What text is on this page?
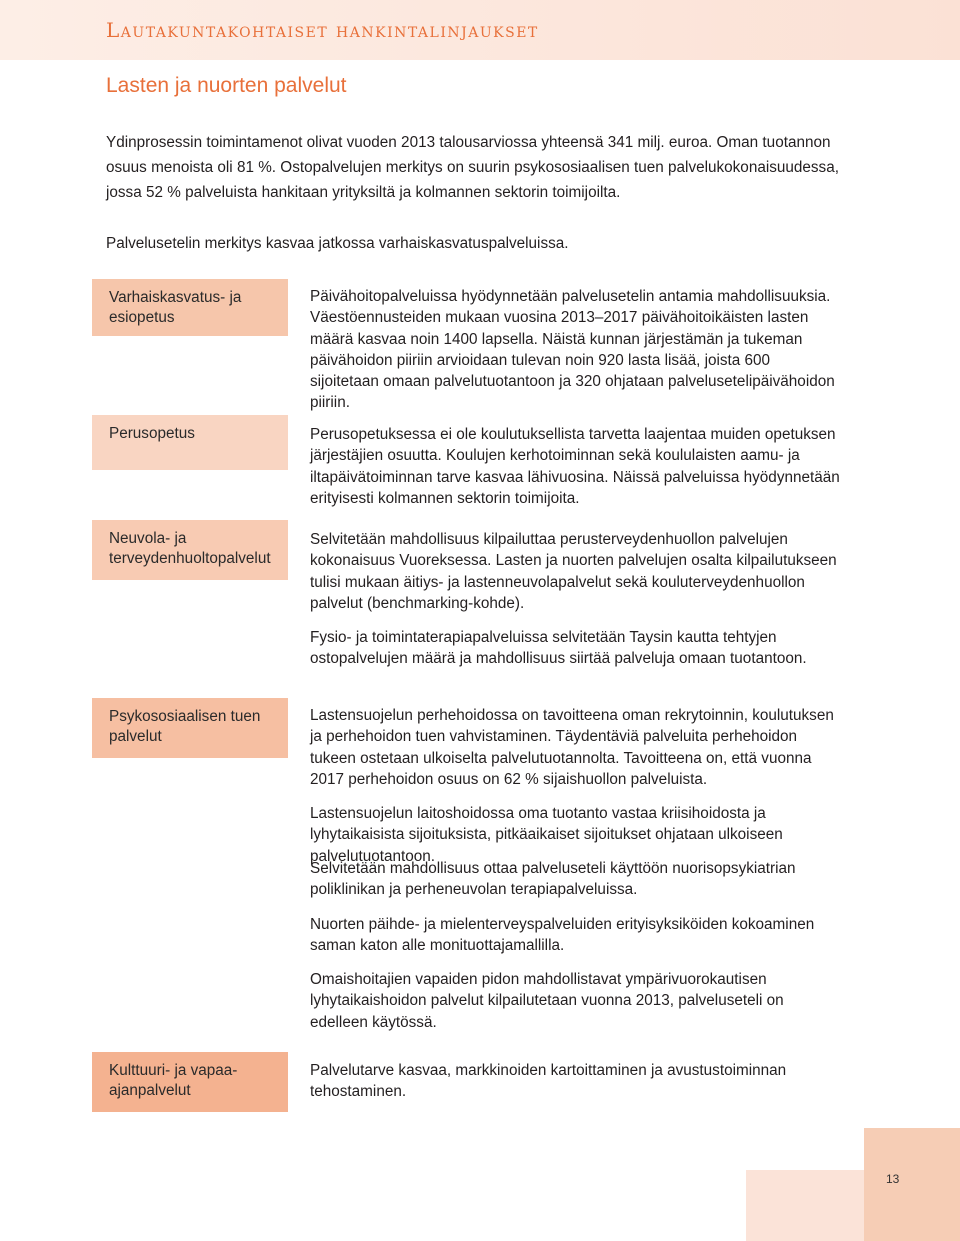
Lautakuntakohtaiset hankintalinjaukset
Lasten ja nuorten palvelut

Ydinprosessin toimintamenot olivat vuoden 2013 talousarviossa yhteensä 341 milj. euroa. Oman tuotannon osuus menoista oli 81 %. Ostopalvelujen merkitys on suurin psykososiaalisen tuen palvelukokonaisuudessa, jossa 52 % palveluista hankitaan yrityksiltä ja kolmannen sektorin toimijoilta.

Palvelusetelin merkitys kasvaa jatkossa varhaiskasvatuspalveluissa.

Varhaiskasvatus- ja esiopetus

Päivähoitopalveluissa hyödynnetään palvelusetelin antamia mahdollisuuksia. Väestöennusteiden mukaan vuosina 2013–2017 päivähoitoikäisten lasten määrä kasvaa noin 1400 lapsella. Näistä kunnan järjestämän ja tukeman päivähoidon piiriin arvioidaan tulevan noin 920 lasta lisää, joista 600 sijoitetaan omaan palvelutuotantoon ja 320 ohjataan palvelusetelipäivähoidon piiriin.

Perusopetus	Perusopetuksessa ei ole koulutuksellista tarvetta laajentaa muiden opetuksen järjestäjien osuutta. Koulujen kerhotoiminnan sekä koululaisten aamu- ja iltapäivätoiminnan tarve kasvaa lähivuosina. Näissä palveluissa hyödynnetään erityisesti kolmannen sektorin toimijoita.

Neuvola- ja terveydenhuoltopalvelut

Selvitetään mahdollisuus kilpailuttaa perusterveydenhuollon palvelujen kokonaisuus Vuoreksessa. Lasten ja nuorten palvelujen osalta kilpailutukseen tulisi mukaan äitiys- ja lastenneuvolapalvelut sekä kouluterveydenhuollon palvelut (benchmarking-kohde).

Fysio- ja toimintaterapiapalveluissa selvitetään Taysin kautta tehtyjen ostopalvelujen määrä ja mahdollisuus siirtää palveluja omaan tuotantoon.

Psykososiaalisen tuen palvelut

Lastensuojelun perhehoidossa on tavoitteena oman rekrytoinnin, koulutuksen ja perhehoidon tuen vahvistaminen. Täydentäviä palveluita perhehoidon tukeen ostetaan ulkoiselta palvelutuotannolta. Tavoitteena on, että vuonna 2017 perhehoidon osuus on 62 % sijaishuollon palveluista.

Lastensuojelun laitoshoidossa oma tuotanto vastaa kriisihoidosta ja lyhytaikaisista sijoituksista, pitkäaikaiset sijoitukset ohjataan ulkoiseen palvelutuotantoon.

Selvitetään mahdollisuus ottaa palveluseteli käyttöön nuorisopsykiatrian poliklinikan ja perheneuvolan terapiapalveluissa.

Nuorten päihde- ja mielenterveyspalveluiden erityisyksiköiden kokoaminen saman katon alle monituottajamallilla.

Omaishoitajien vapaiden pidon mahdollistavat ympärivuorokautisen lyhytaikaishoidon palvelut kilpailutetaan vuonna 2013, palveluseteli on edelleen käytössä.

Kulttuuri- ja vapaa-ajanpalvelut

Palvelutarve kasvaa, markkinoiden kartoittaminen ja avustustoiminnan tehostaminen.

13
